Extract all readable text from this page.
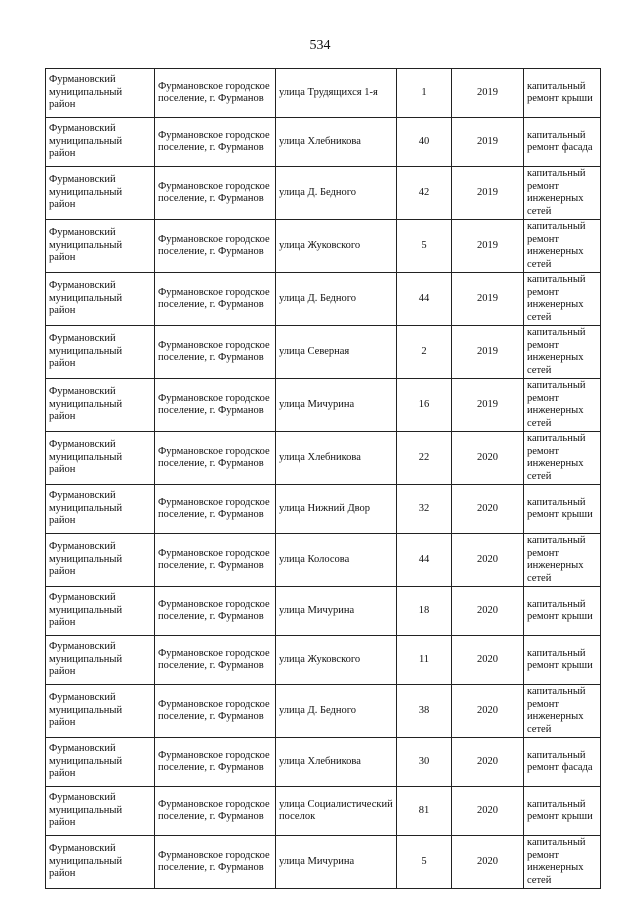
534
Фурмановский муниципальный район	Фурмановское городское поселение, г. Фурманов	улица Трудящихся 1-я	1	2019	капитальный ремонт крыши
Фурмановский муниципальный район	Фурмановское городское поселение, г. Фурманов	улица Хлебникова	40	2019	капитальный ремонт фасада
Фурмановский муниципальный район	Фурмановское городское поселение, г. Фурманов	улица Д. Бедного	42	2019	капитальный ремонт инженерных сетей
Фурмановский муниципальный район	Фурмановское городское поселение, г. Фурманов	улица Жуковского	5	2019	капитальный ремонт инженерных сетей
Фурмановский муниципальный район	Фурмановское городское поселение, г. Фурманов	улица Д. Бедного	44	2019	капитальный ремонт инженерных сетей
Фурмановский муниципальный район	Фурмановское городское поселение, г. Фурманов	улица Северная	2	2019	капитальный ремонт инженерных сетей
Фурмановский муниципальный район	Фурмановское городское поселение, г. Фурманов	улица Мичурина	16	2019	капитальный ремонт инженерных сетей
Фурмановский муниципальный район	Фурмановское городское поселение, г. Фурманов	улица Хлебникова	22	2020	капитальный ремонт инженерных сетей
Фурмановский муниципальный район	Фурмановское городское поселение, г. Фурманов	улица Нижний Двор	32	2020	капитальный ремонт крыши
Фурмановский муниципальный район	Фурмановское городское поселение, г. Фурманов	улица Колосова	44	2020	капитальный ремонт инженерных сетей
Фурмановский муниципальный район	Фурмановское городское поселение, г. Фурманов	улица Мичурина	18	2020	капитальный ремонт крыши
Фурмановский муниципальный район	Фурмановское городское поселение, г. Фурманов	улица Жуковского	11	2020	капитальный ремонт крыши
Фурмановский муниципальный район	Фурмановское городское поселение, г. Фурманов	улица Д. Бедного	38	2020	капитальный ремонт инженерных сетей
Фурмановский муниципальный район	Фурмановское городское поселение, г. Фурманов	улица Хлебникова	30	2020	капитальный ремонт фасада
Фурмановский муниципальный район	Фурмановское городское поселение, г. Фурманов	улица Социалистический поселок	81	2020	капитальный ремонт крыши
Фурмановский муниципальный район	Фурмановское городское поселение, г. Фурманов	улица Мичурина	5	2020	капитальный ремонт инженерных сетей
